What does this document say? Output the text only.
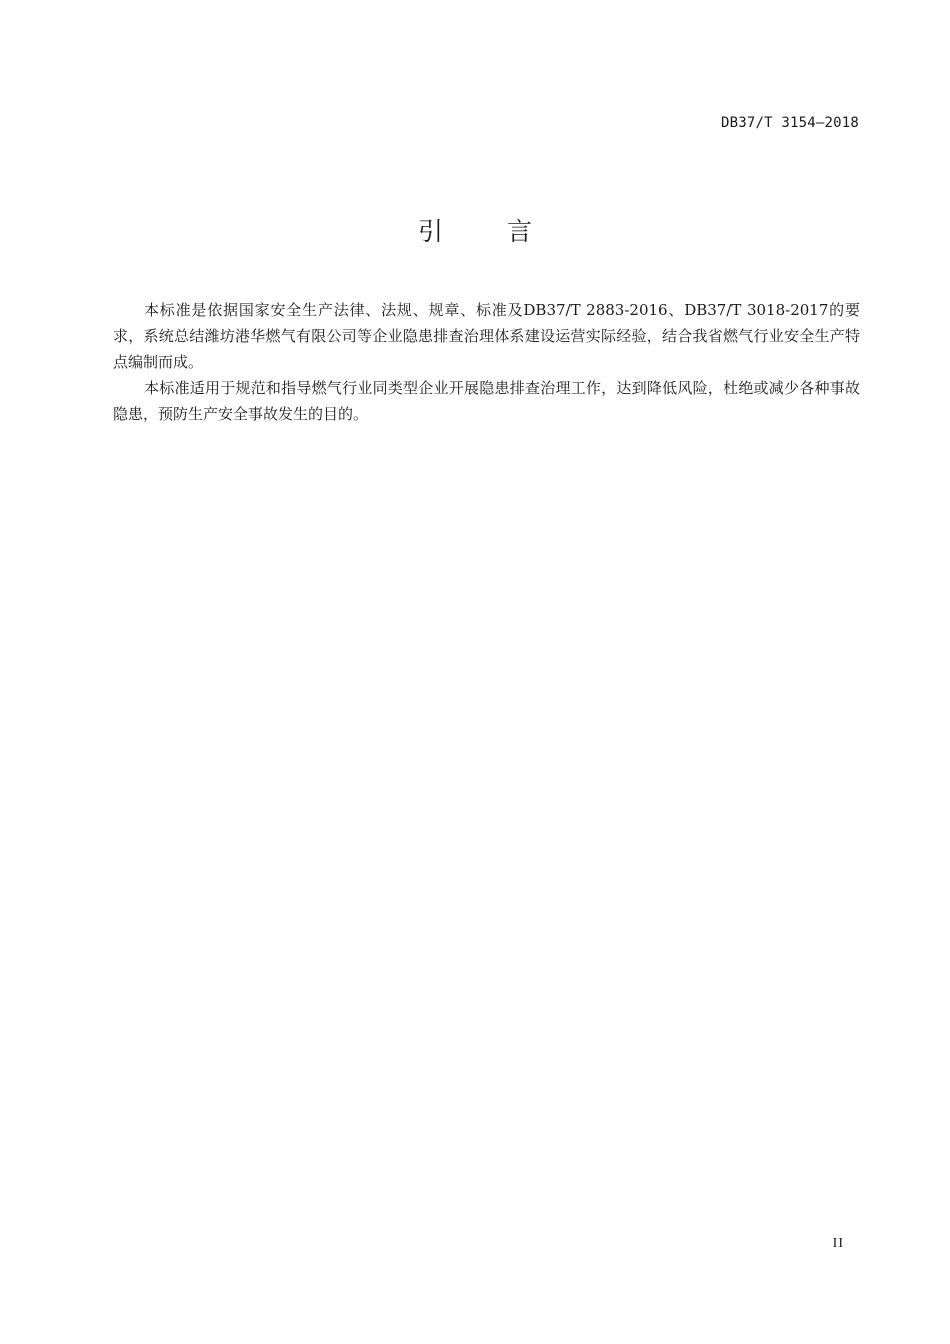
DB37/T 3154—2018
引 言

本标准是依据国家安全生产法律、法规、规章、标准及DB37/T 2883-2016、DB37/T 3018-2017的要求，系统总结潍坊港华燃气有限公司等企业隐患排查治理体系建设运营实际经验，结合我省燃气行业安全生产特点编制而成。

本标准适用于规范和指导燃气行业同类型企业开展隐患排查治理工作，达到降低风险，杜绝或减少各种事故隐患，预防生产安全事故发生的目的。

II
